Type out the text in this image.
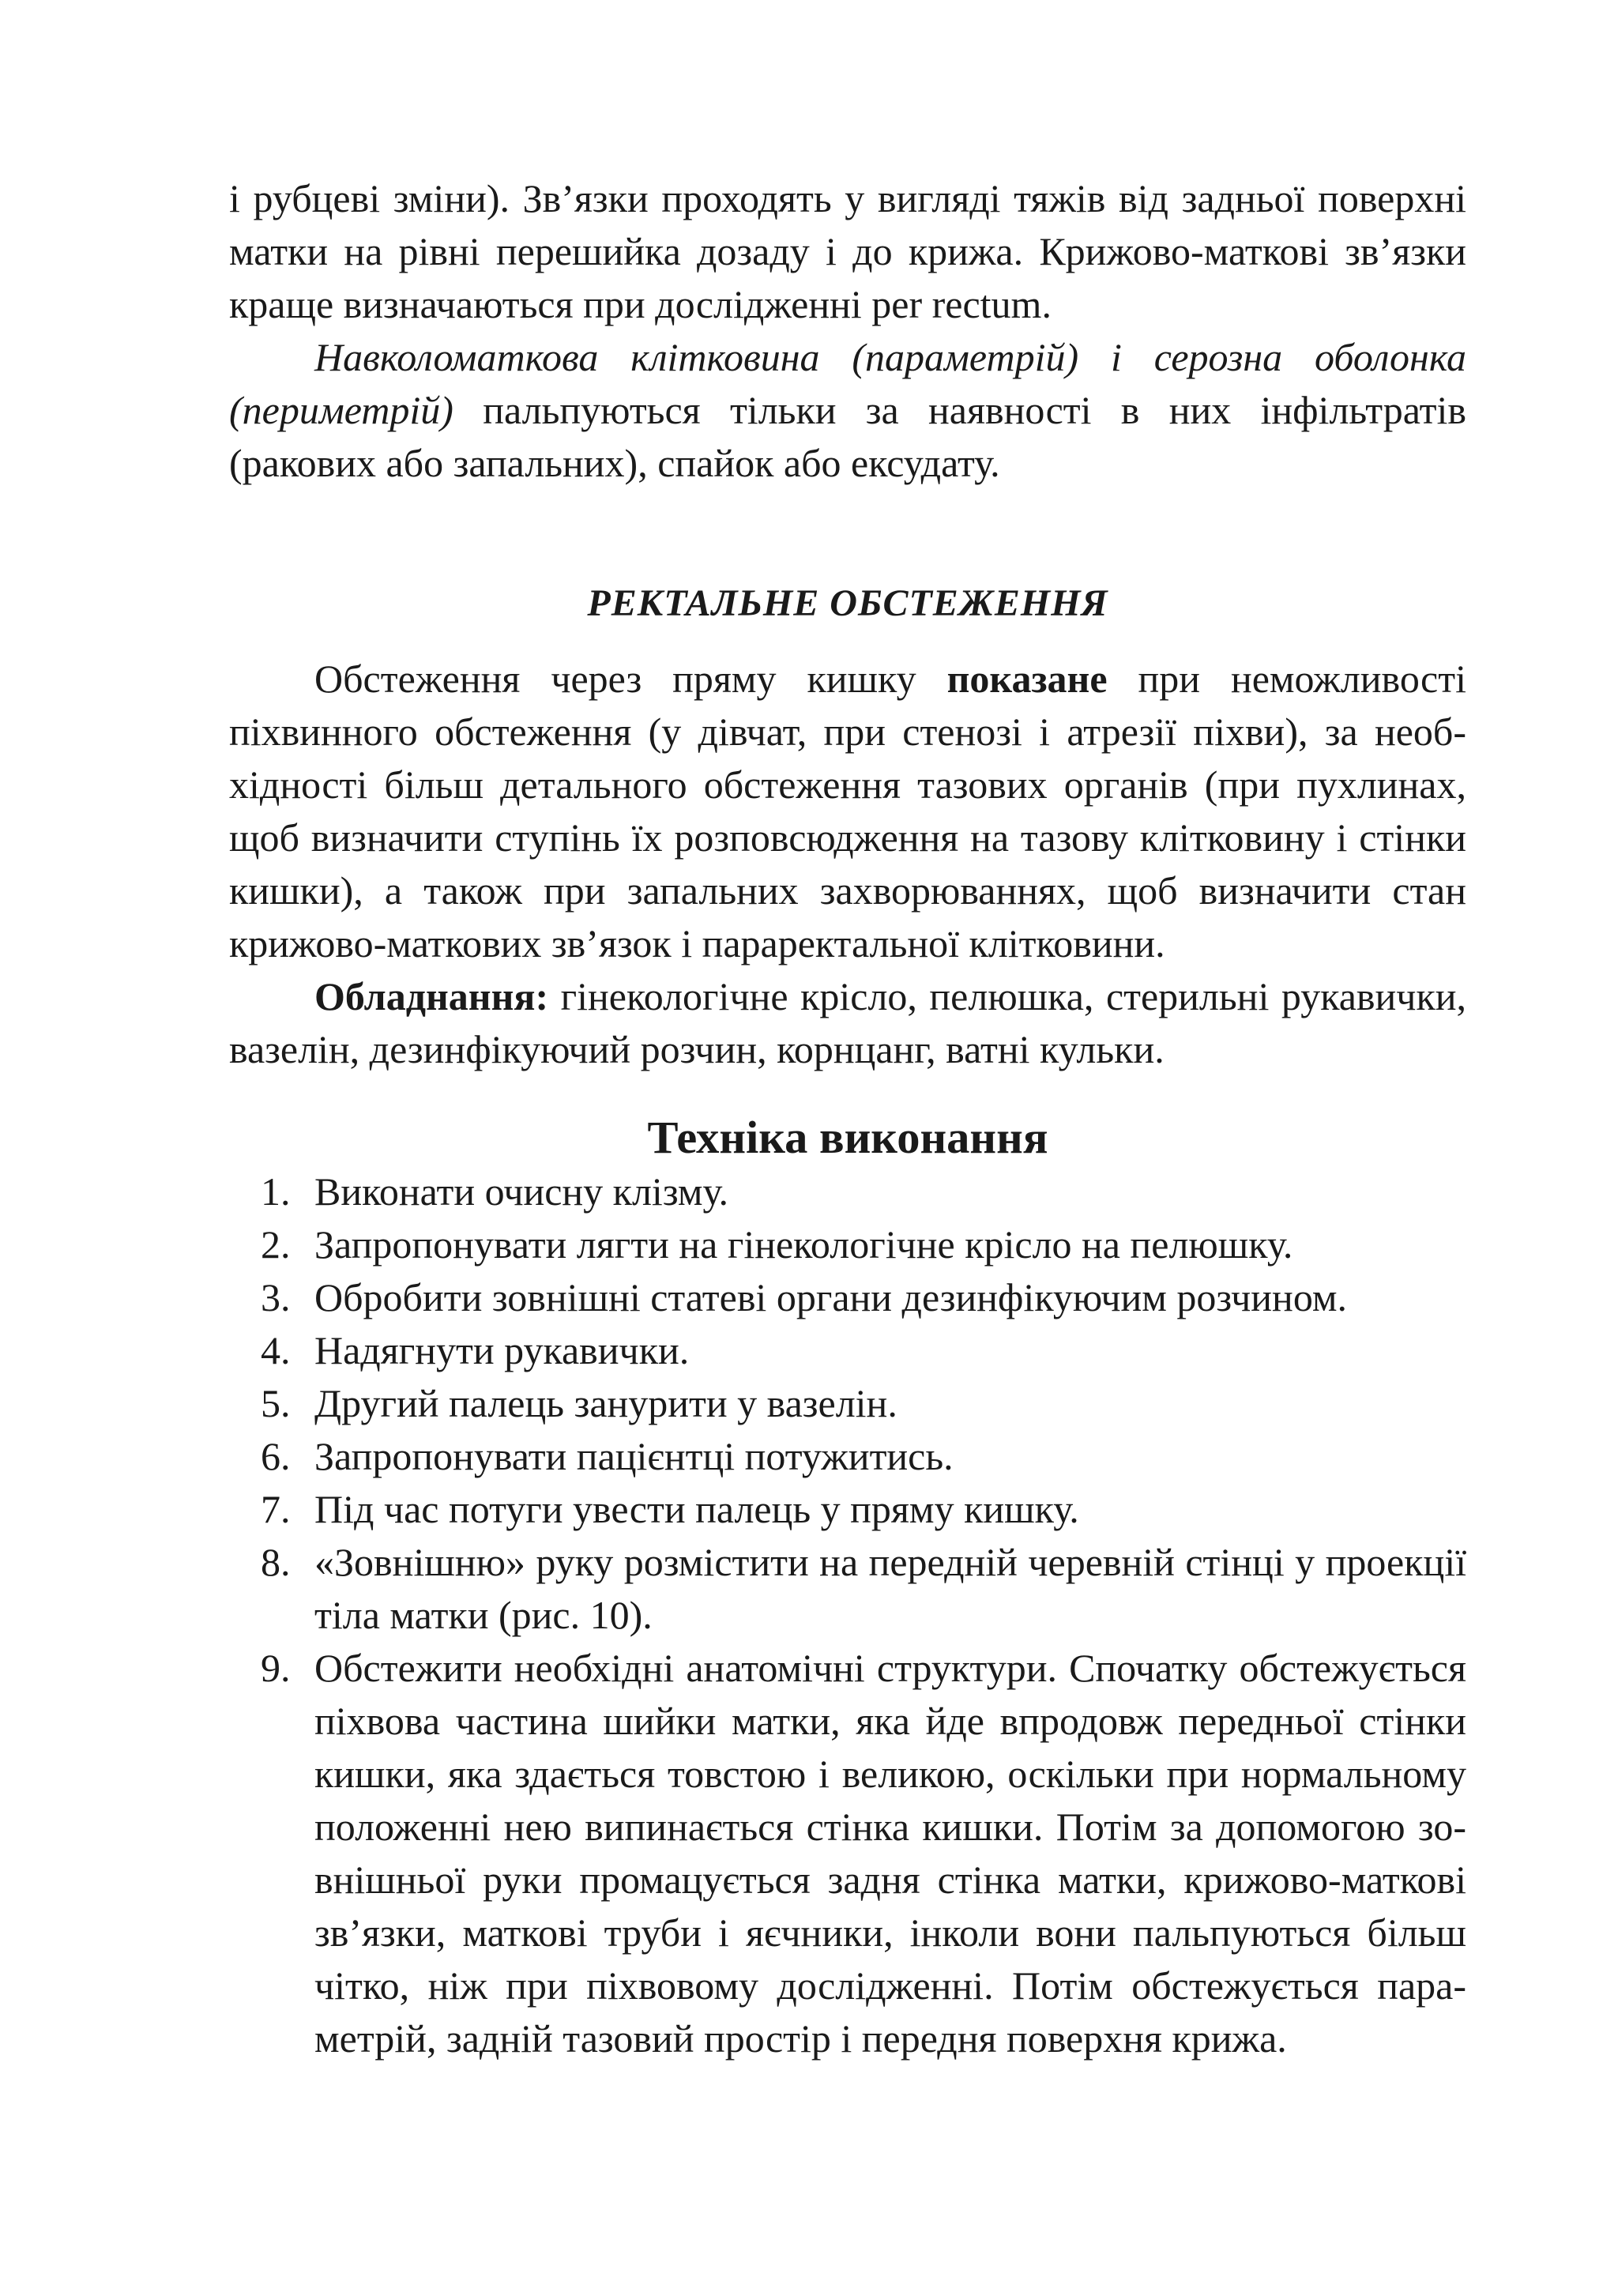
і рубцеві зміни). Зв’язки проходять у вигляді тяжів від задньої поверхні матки на рівні перешийка дозаду і до крижа. Крижово-маткові зв’язки краще визначаються при дослідженні per rectum.

Навколоматкова клітковина (параметрій) і серозна оболонка (периметрій) пальпуються тільки за наявності в них інфільтратів (ракових або запальних), спайок або ексудату.

РЕКТАЛЬНЕ ОБСТЕЖЕННЯ

Обстеження через пряму кишку показане при неможливості піхвинного обстеження (у дівчат, при стенозі і атрезії піхви), за необхідності більш детального обстеження тазових органів (при пухлинах, щоб визначити ступінь їх розповсюдження на тазову клітковину і стінки кишки), а також при запальних захворюваннях, щоб визначити стан крижово-маткових зв’язок і параректальної клітковини.

Обладнання: гінекологічне крісло, пелюшка, стерильні рукавички, вазелін, дезинфікуючий розчин, корнцанг, ватні кульки.

Техніка виконання
1. Виконати очисну клізму.
2. Запропонувати лягти на гінекологічне крісло на пелюшку.
3. Обробити зовнішні статеві органи дезинфікуючим розчином.
4. Надягнути рукавички.
5. Другий палець занурити у вазелін.
6. Запропонувати пацієнтці потужитись.
7. Під час потуги увести палець у пряму кишку.
8. «Зовнішню» руку розмістити на передній черевній стінці у проекції тіла матки (рис. 10).
9. Обстежити необхідні анатомічні структури. Спочатку обстежується піхвова частина шийки матки, яка йде впродовж передньої стінки кишки, яка здається товстою і великою, оскільки при нормальному положенні нею випинається стінка кишки. Потім за допомогою зовнішньої руки промацується задня стінка матки, крижово-маткові зв’язки, маткові труби і яєчники, інколи вони пальпуються більш чітко, ніж при піхвовому дослідженні. Потім обстежується параметрій, задній тазовий простір і передня поверхня крижа.
